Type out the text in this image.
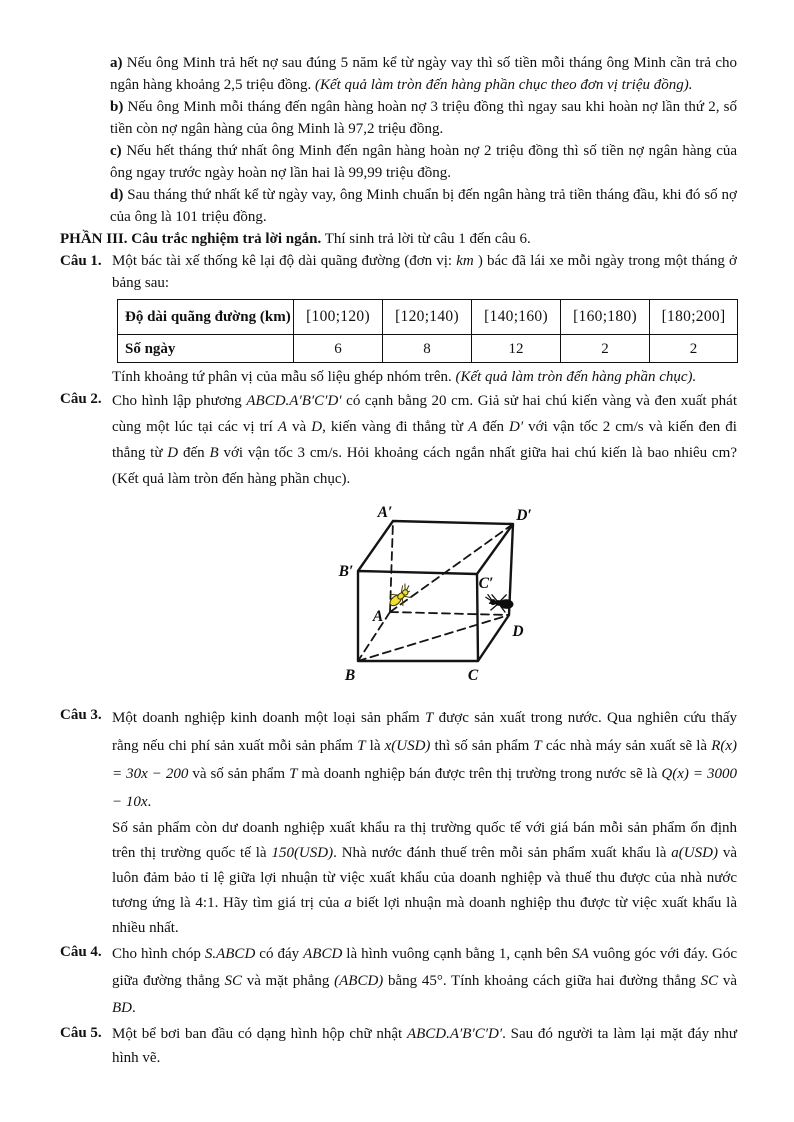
a) Nếu ông Minh trả hết nợ sau đúng 5 năm kể từ ngày vay thì số tiền mỗi tháng ông Minh cần trả cho ngân hàng khoảng 2,5 triệu đồng. (Kết quả làm tròn đến hàng phần chục theo đơn vị triệu đồng).
b) Nếu ông Minh mỗi tháng đến ngân hàng hoàn nợ 3 triệu đồng thì ngay sau khi hoàn nợ lần thứ 2, số tiền còn nợ ngân hàng của ông Minh là 97,2 triệu đồng.
c) Nếu hết tháng thứ nhất ông Minh đến ngân hàng hoàn nợ 2 triệu đồng thì số tiền nợ ngân hàng của ông ngay trước ngày hoàn nợ lần hai là 99,99 triệu đồng.
d) Sau tháng thứ nhất kể từ ngày vay, ông Minh chuẩn bị đến ngân hàng trả tiền tháng đầu, khi đó số nợ của ông là 101 triệu đồng.
PHẦN III. Câu trắc nghiệm trả lời ngắn. Thí sinh trả lời từ câu 1 đến câu 6.
Câu 1. Một bác tài xế thống kê lại độ dài quãng đường (đơn vị: km ) bác đã lái xe mỗi ngày trong một tháng ở bảng sau:
Độ dài quãng đường (km)	[100;120)	[120;140)	[140;160)	[160;180)	[180;200]
Số ngày	6	8	12	2	2
Tính khoảng tứ phân vị của mẫu số liệu ghép nhóm trên. (Kết quả làm tròn đến hàng phần chục).
Câu 2. Cho hình lập phương ABCD.A′B′C′D′ có cạnh bằng 20 cm. Giả sử hai chú kiến vàng và đen xuất phát cùng một lúc tại các vị trí A và D, kiến vàng đi thẳng từ A đến D′ với vận tốc 2 cm/s và kiến đen đi thẳng từ D đến B với vận tốc 3 cm/s. Hỏi khoảng cách ngắn nhất giữa hai chú kiến là bao nhiêu cm? (Kết quả làm tròn đến hàng phần chục).
A′	D′
B′
C′
A
D
B	C
Câu 3. Một doanh nghiệp kinh doanh một loại sản phẩm T được sản xuất trong nước. Qua nghiên cứu thấy rằng nếu chi phí sản xuất mỗi sản phẩm T là x(USD) thì số sản phẩm T các nhà máy sản xuất sẽ là R(x) = 30x − 200 và số sản phẩm T mà doanh nghiệp bán được trên thị trường trong nước sẽ là Q(x) = 3000 − 10x.
Số sản phẩm còn dư doanh nghiệp xuất khẩu ra thị trường quốc tế với giá bán mỗi sản phẩm ổn định trên thị trường quốc tế là 150(USD). Nhà nước đánh thuế trên mỗi sản phẩm xuất khẩu là a(USD) và luôn đảm bảo tỉ lệ giữa lợi nhuận từ việc xuất khẩu của doanh nghiệp và thuế thu được của nhà nước tương ứng là 4:1. Hãy tìm giá trị của a biết lợi nhuận mà doanh nghiệp thu được từ việc xuất khẩu là nhiều nhất.
Câu 4. Cho hình chóp S.ABCD có đáy ABCD là hình vuông cạnh bằng 1, cạnh bên SA vuông góc với đáy. Góc giữa đường thẳng SC và mặt phẳng (ABCD) bằng 45°. Tính khoảng cách giữa hai đường thẳng SC và BD.
Câu 5. Một bể bơi ban đầu có dạng hình hộp chữ nhật ABCD.A′B′C′D′. Sau đó người ta làm lại mặt đáy như hình vẽ.
